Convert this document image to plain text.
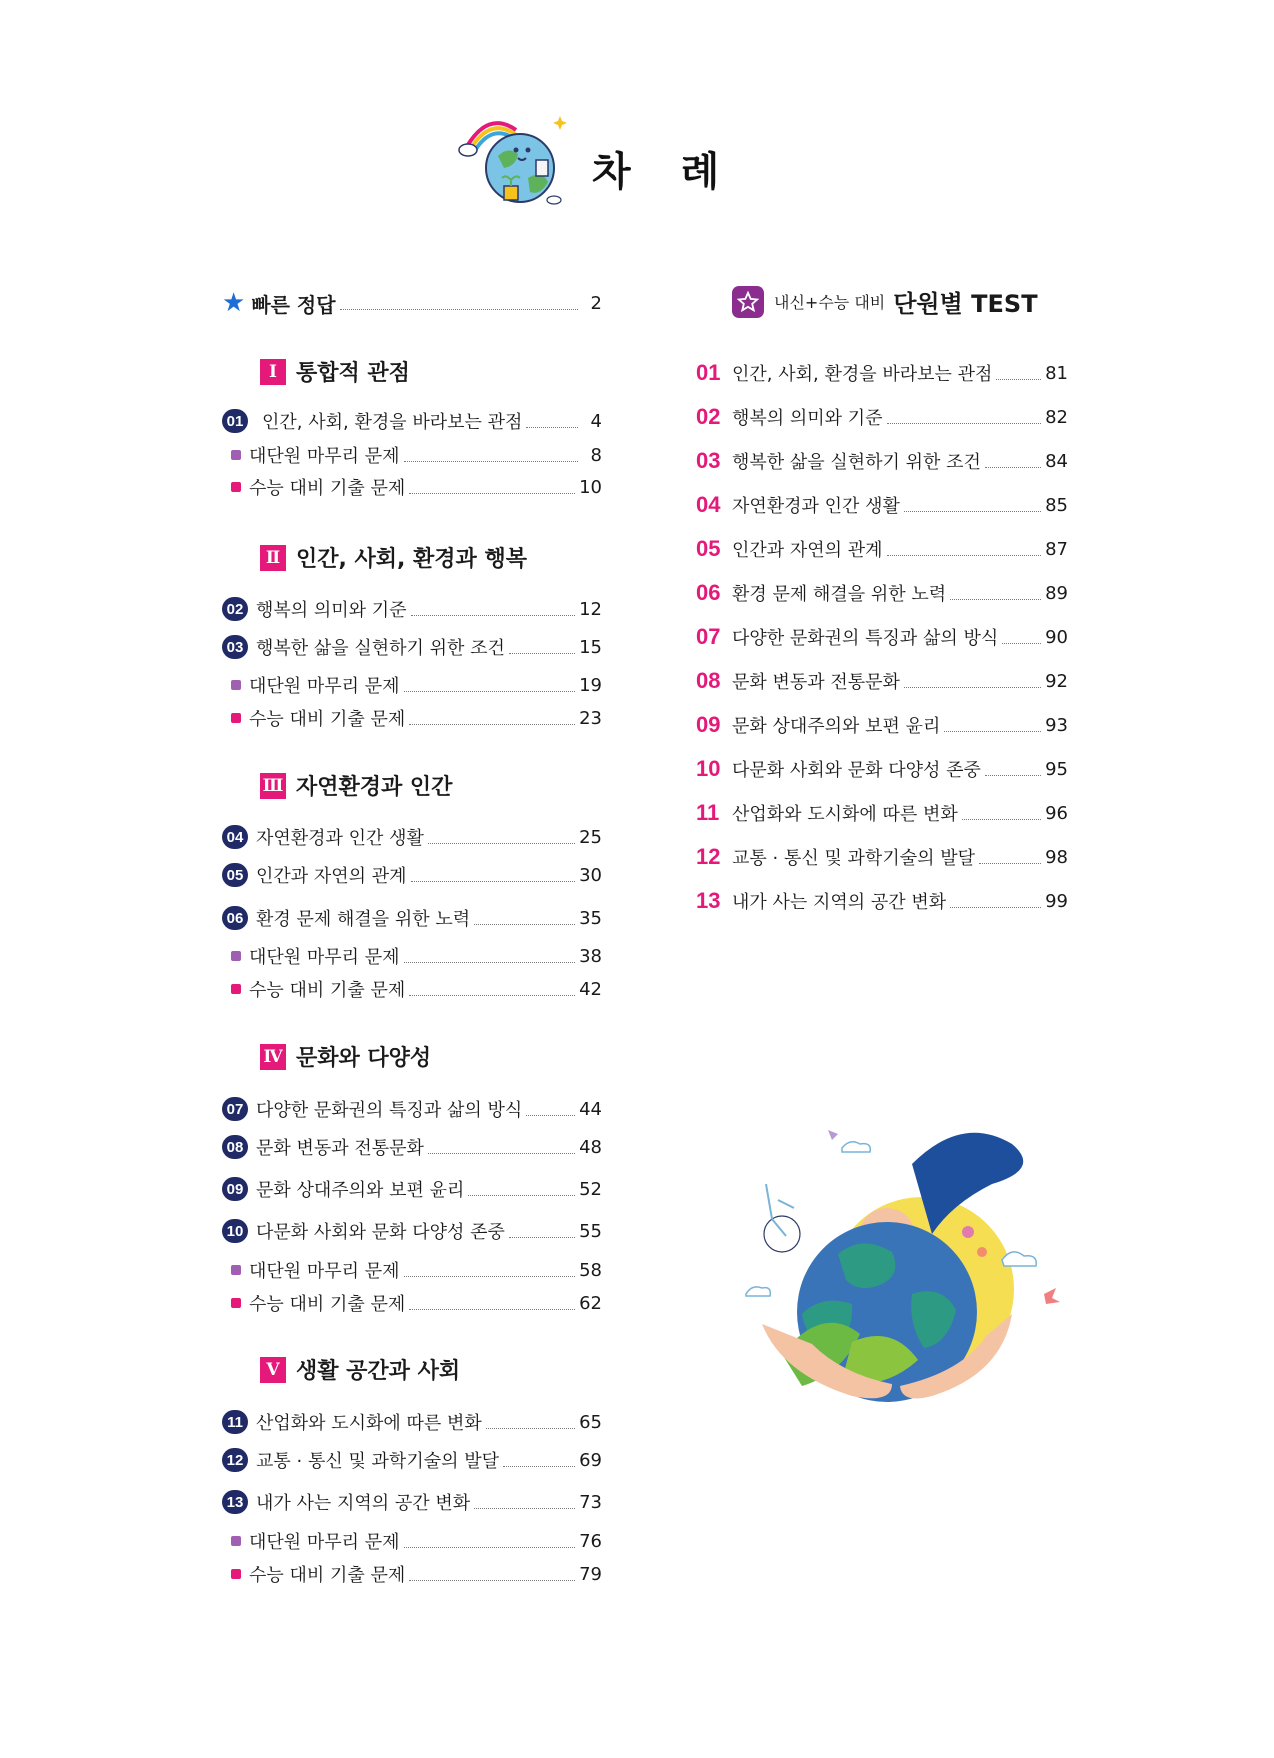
차 례
★ 빠른 정답	2
Ⅰ 통합적 관점
01 인간, 사회, 환경을 바라보는 관점	4
대단원 마무리 문제	8
수능 대비 기출 문제	10
Ⅱ 인간, 사회, 환경과 행복
02 행복의 의미와 기준	12
03 행복한 삶을 실현하기 위한 조건	15
대단원 마무리 문제	19
수능 대비 기출 문제	23
Ⅲ 자연환경과 인간
04 자연환경과 인간 생활	25
05 인간과 자연의 관계	30
06 환경 문제 해결을 위한 노력	35
대단원 마무리 문제	38
수능 대비 기출 문제	42
Ⅳ 문화와 다양성
07 다양한 문화권의 특징과 삶의 방식	44
08 문화 변동과 전통문화	48
09 문화 상대주의와 보편 윤리	52
10 다문화 사회와 문화 다양성 존중	55
대단원 마무리 문제	58
수능 대비 기출 문제	62
Ⅴ 생활 공간과 사회
11 산업화와 도시화에 따른 변화	65
12 교통 · 통신 및 과학기술의 발달	69
13 내가 사는 지역의 공간 변화	73
대단원 마무리 문제	76
수능 대비 기출 문제	79
내신+수능 대비 단원별 TEST
01 인간, 사회, 환경을 바라보는 관점	81
02 행복의 의미와 기준	82
03 행복한 삶을 실현하기 위한 조건	84
04 자연환경과 인간 생활	85
05 인간과 자연의 관계	87
06 환경 문제 해결을 위한 노력	89
07 다양한 문화권의 특징과 삶의 방식	90
08 문화 변동과 전통문화	92
09 문화 상대주의와 보편 윤리	93
10 다문화 사회와 문화 다양성 존중	95
11 산업화와 도시화에 따른 변화	96
12 교통 · 통신 및 과학기술의 발달	98
13 내가 사는 지역의 공간 변화	99
